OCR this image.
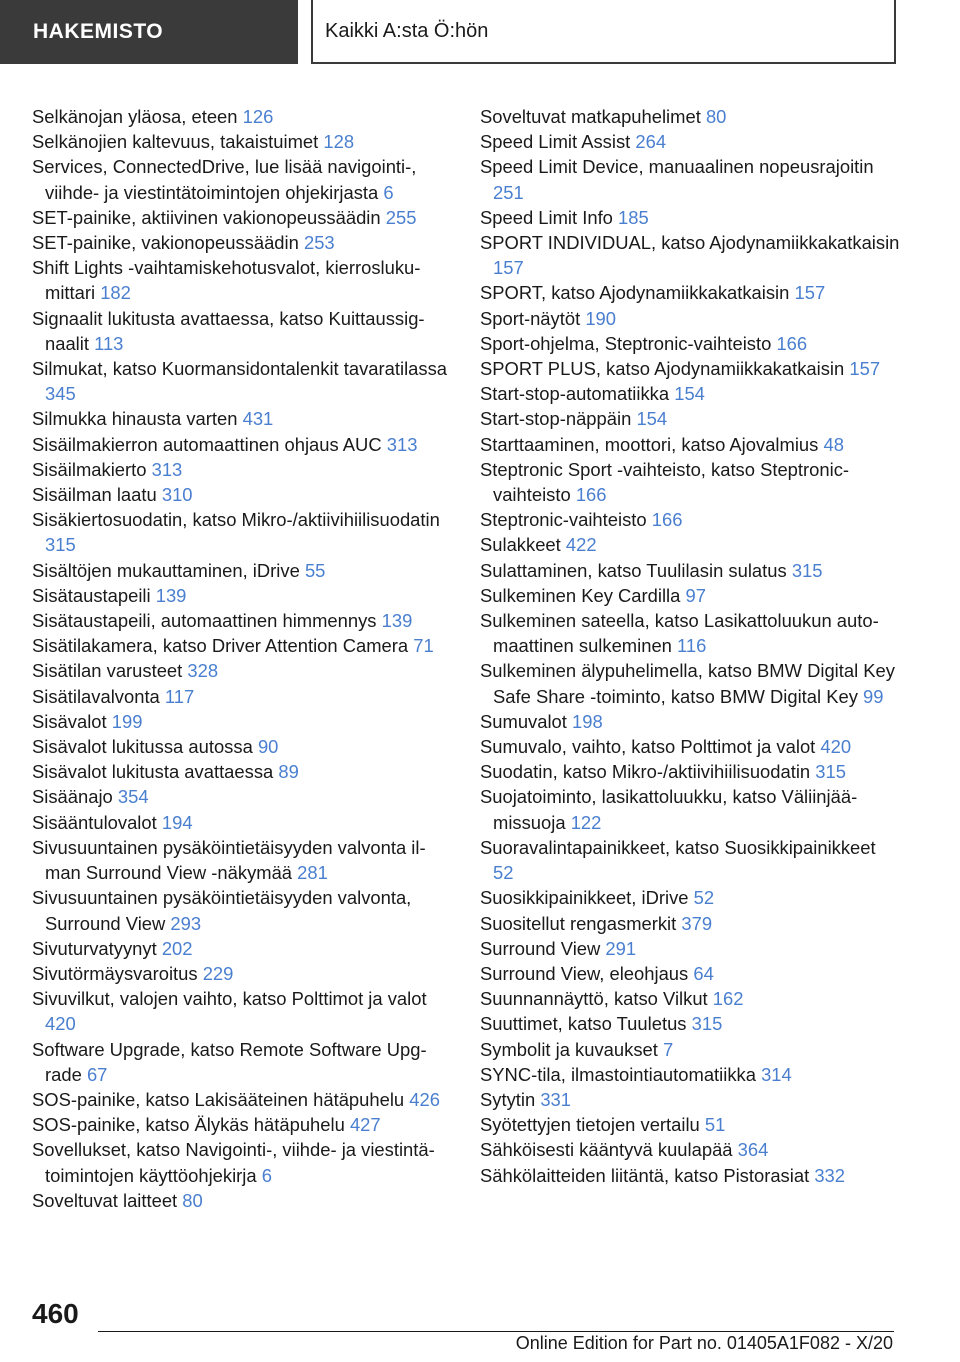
HAKEMISTO	Kaikki A:sta Ö:hön
Selkänojan yläosa, eteen 126
Selkänojien kaltevuus, takaistuimet 128
Services, ConnectedDrive, lue lisää navigointi-, viihde- ja viestintätoimintojen ohjekirjasta 6
SET-painike, aktiivinen vakionopeussäädin 255
SET-painike, vakionopeussäädin 253
Shift Lights -vaihtamiskehotusvalot, kierroslukumittari 182
Signaalit lukitusta avattaessa, katso Kuittaussignaalit 113
Silmukat, katso Kuormansidontalenkit tavaratilassa 345
Silmukka hinausta varten 431
Sisäilmakierron automaattinen ohjaus AUC 313
Sisäilmakierto 313
Sisäilman laatu 310
Sisäkiertosuodatin, katso Mikro-/aktiivihiilisuodatin 315
Sisältöjen mukauttaminen, iDrive 55
Sisätaustapeili 139
Sisätaustapeili, automaattinen himmennys 139
Sisätilakamera, katso Driver Attention Camera 71
Sisätilan varusteet 328
Sisätilavalvonta 117
Sisävalot 199
Sisävalot lukitussa autossa 90
Sisävalot lukitusta avattaessa 89
Sisäänajo 354
Sisääntulovalot 194
Sivusuuntainen pysäköintietäisyyden valvonta ilman Surround View -näkymää 281
Sivusuuntainen pysäköintietäisyyden valvonta, Surround View 293
Sivuturvatyynyt 202
Sivutörmäysvaroitus 229
Sivuvilkut, valojen vaihto, katso Polttimot ja valot 420
Software Upgrade, katso Remote Software Upgrade 67
SOS-painike, katso Lakisääteinen hätäpuhelu 426
SOS-painike, katso Älykäs hätäpuhelu 427
Sovellukset, katso Navigointi-, viihde- ja viestintätoimintojen käyttöohjekirja 6
Soveltuvat laitteet 80
Soveltuvat matkapuhelimet 80
Speed Limit Assist 264
Speed Limit Device, manuaalinen nopeusrajoitin 251
Speed Limit Info 185
SPORT INDIVIDUAL, katso Ajodynamiikkakatkaisin 157
SPORT, katso Ajodynamiikkakatkaisin 157
Sport-näytöt 190
Sport-ohjelma, Steptronic-vaihteisto 166
SPORT PLUS, katso Ajodynamiikkakatkaisin 157
Start-stop-automatiikka 154
Start-stop-näppäin 154
Starttaaminen, moottori, katso Ajovalmius 48
Steptronic Sport -vaihteisto, katso Steptronic-vaihteisto 166
Steptronic-vaihteisto 166
Sulakkeet 422
Sulattaminen, katso Tuulilasin sulatus 315
Sulkeminen Key Cardilla 97
Sulkeminen sateella, katso Lasikattoluukun automaattinen sulkeminen 116
Sulkeminen älypuhelimella, katso BMW Digital Key Safe Share -toiminto, katso BMW Digital Key 99
Sumuvalot 198
Sumuvalo, vaihto, katso Polttimot ja valot 420
Suodatin, katso Mikro-/aktiivihiilisuodatin 315
Suojatoiminto, lasikattoluukku, katso Väliinjäämissuoja 122
Suoravalintapainikkeet, katso Suosikkipainikkeet 52
Suosikkipainikkeet, iDrive 52
Suositellut rengasmerkit 379
Surround View 291
Surround View, eleohjaus 64
Suunnannäyttö, katso Vilkut 162
Suuttimet, katso Tuuletus 315
Symbolit ja kuvaukset 7
SYNC-tila, ilmastointiautomatiikka 314
Sytytin 331
Syötettyjen tietojen vertailu 51
Sähköisesti kääntyvä kuulapää 364
Sähkölaitteiden liitäntä, katso Pistorasiat 332
460
Online Edition for Part no. 01405A1F082 - X/20
